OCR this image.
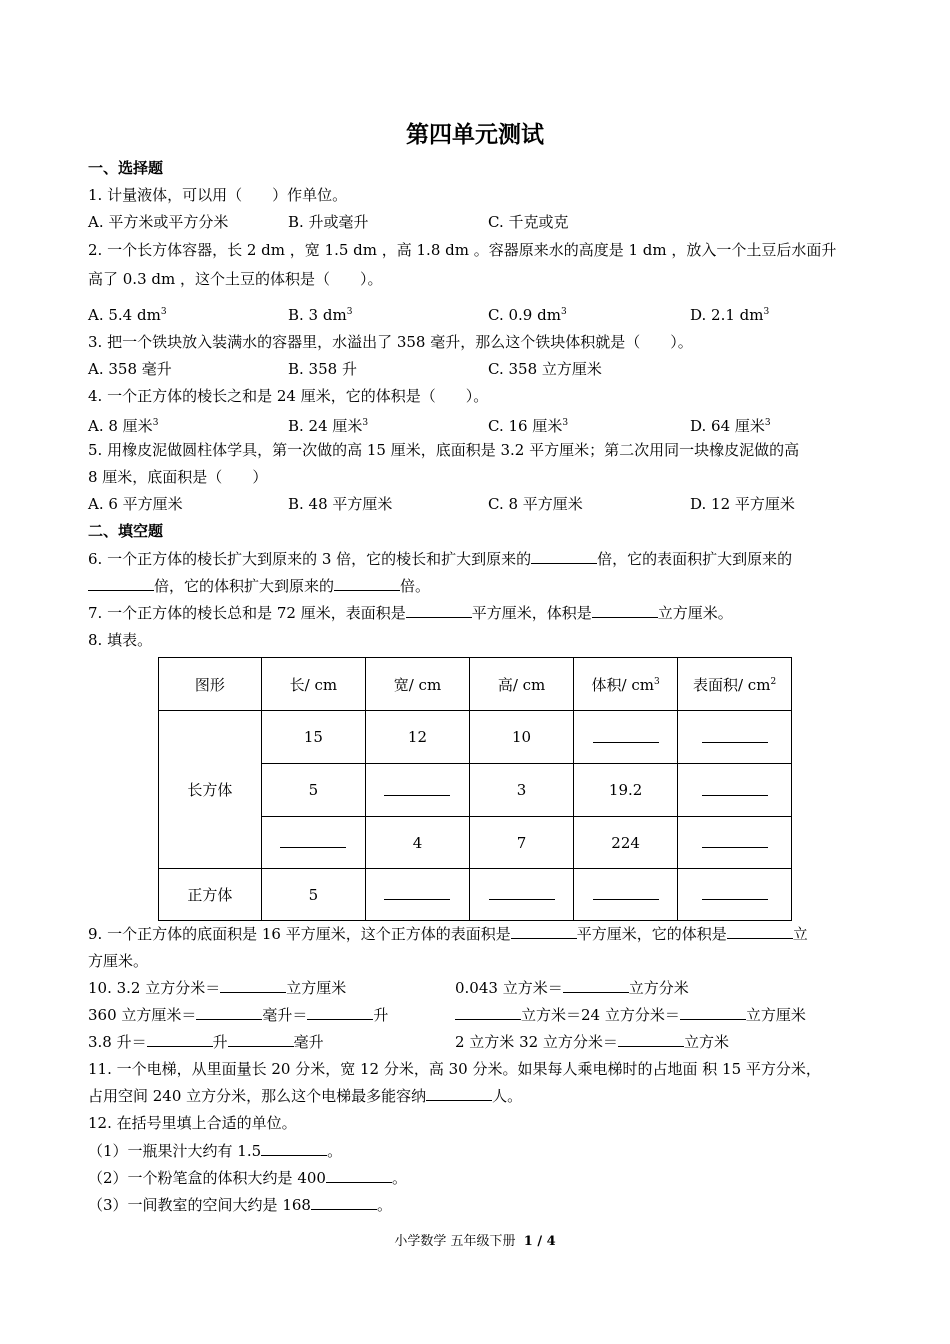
第四单元测试
一、选择题
1. 计量液体，可以用（　　）作单位。
A. 平方米或平方分米	B. 升或毫升	C. 千克或克
2. 一个长方体容器，长 2 dm ，宽 1.5 dm ，高 1.8 dm 。容器原来水的高度是 1 dm ，放入一个土豆后水面升
高了 0.3 dm ，这个土豆的体积是（　　）。
A. 5.4 $dm^3$	B. 3 $dm^3$	C. 0.9 $dm^3$	D. 2.1 $dm^3$
3. 把一个铁块放入装满水的容器里，水溢出了 358 毫升，那么这个铁块体积就是（　　）。
A. 358 毫升	B. 358 升	C. 358 立方厘米
4. 一个正方体的棱长之和是 24 厘米，它的体积是（　　）。
A. 8 厘米$^3$	B. 24 厘米$^3$	C. 16 厘米$^3$	D. 64 厘米$^3$
5. 用橡皮泥做圆柱体学具，第一次做的高 15 厘米，底面积是 3.2 平方厘米；第二次用同一块橡皮泥做的高
8 厘米，底面积是（　　）
A. 6 平方厘米	B. 48 平方厘米	C. 8 平方厘米	D. 12 平方厘米
二、填空题
6. 一个正方体的棱长扩大到原来的 3 倍，它的棱长和扩大到原来的	倍，它的表面积扩大到原来的
倍，它的体积扩大到原来的	倍。
7. 一个正方体的棱长总和是 72 厘米，表面积是	平方厘米，体积是	立方厘米。
8. 填表。
图形	长/ cm	宽/ cm	高/ cm	体积/ $cm^3$	表面积/ $cm^2$
长方体	15	12	10		
	5		3	19.2	
		4	7	224	
正方体	5				
9. 一个正方体的底面积是 16 平方厘米，这个正方体的表面积是	平方厘米，它的体积是	立
方厘米。
10. 3.2 立方分米＝	立方厘米	0.043 立方米＝	立方分米
360 立方厘米＝	毫升＝	升	立方米＝24 立方分米＝	立方厘米
3.8 升＝	升	毫升	2 立方米 32 立方分米＝	立方米
11. 一个电梯，从里面量长 20 分米，宽 12 分米，高 30 分米。如果每人乘电梯时的占地面 积 15 平方分米，
占用空间 240 立方分米，那么这个电梯最多能容纳	人。
12. 在括号里填上合适的单位。
（1）一瓶果汁大约有 1.5	。
（2）一个粉笔盒的体积大约是 400	。
（3）一间教室的空间大约是 168	。
小学数学 五年级下册 1 / 4
